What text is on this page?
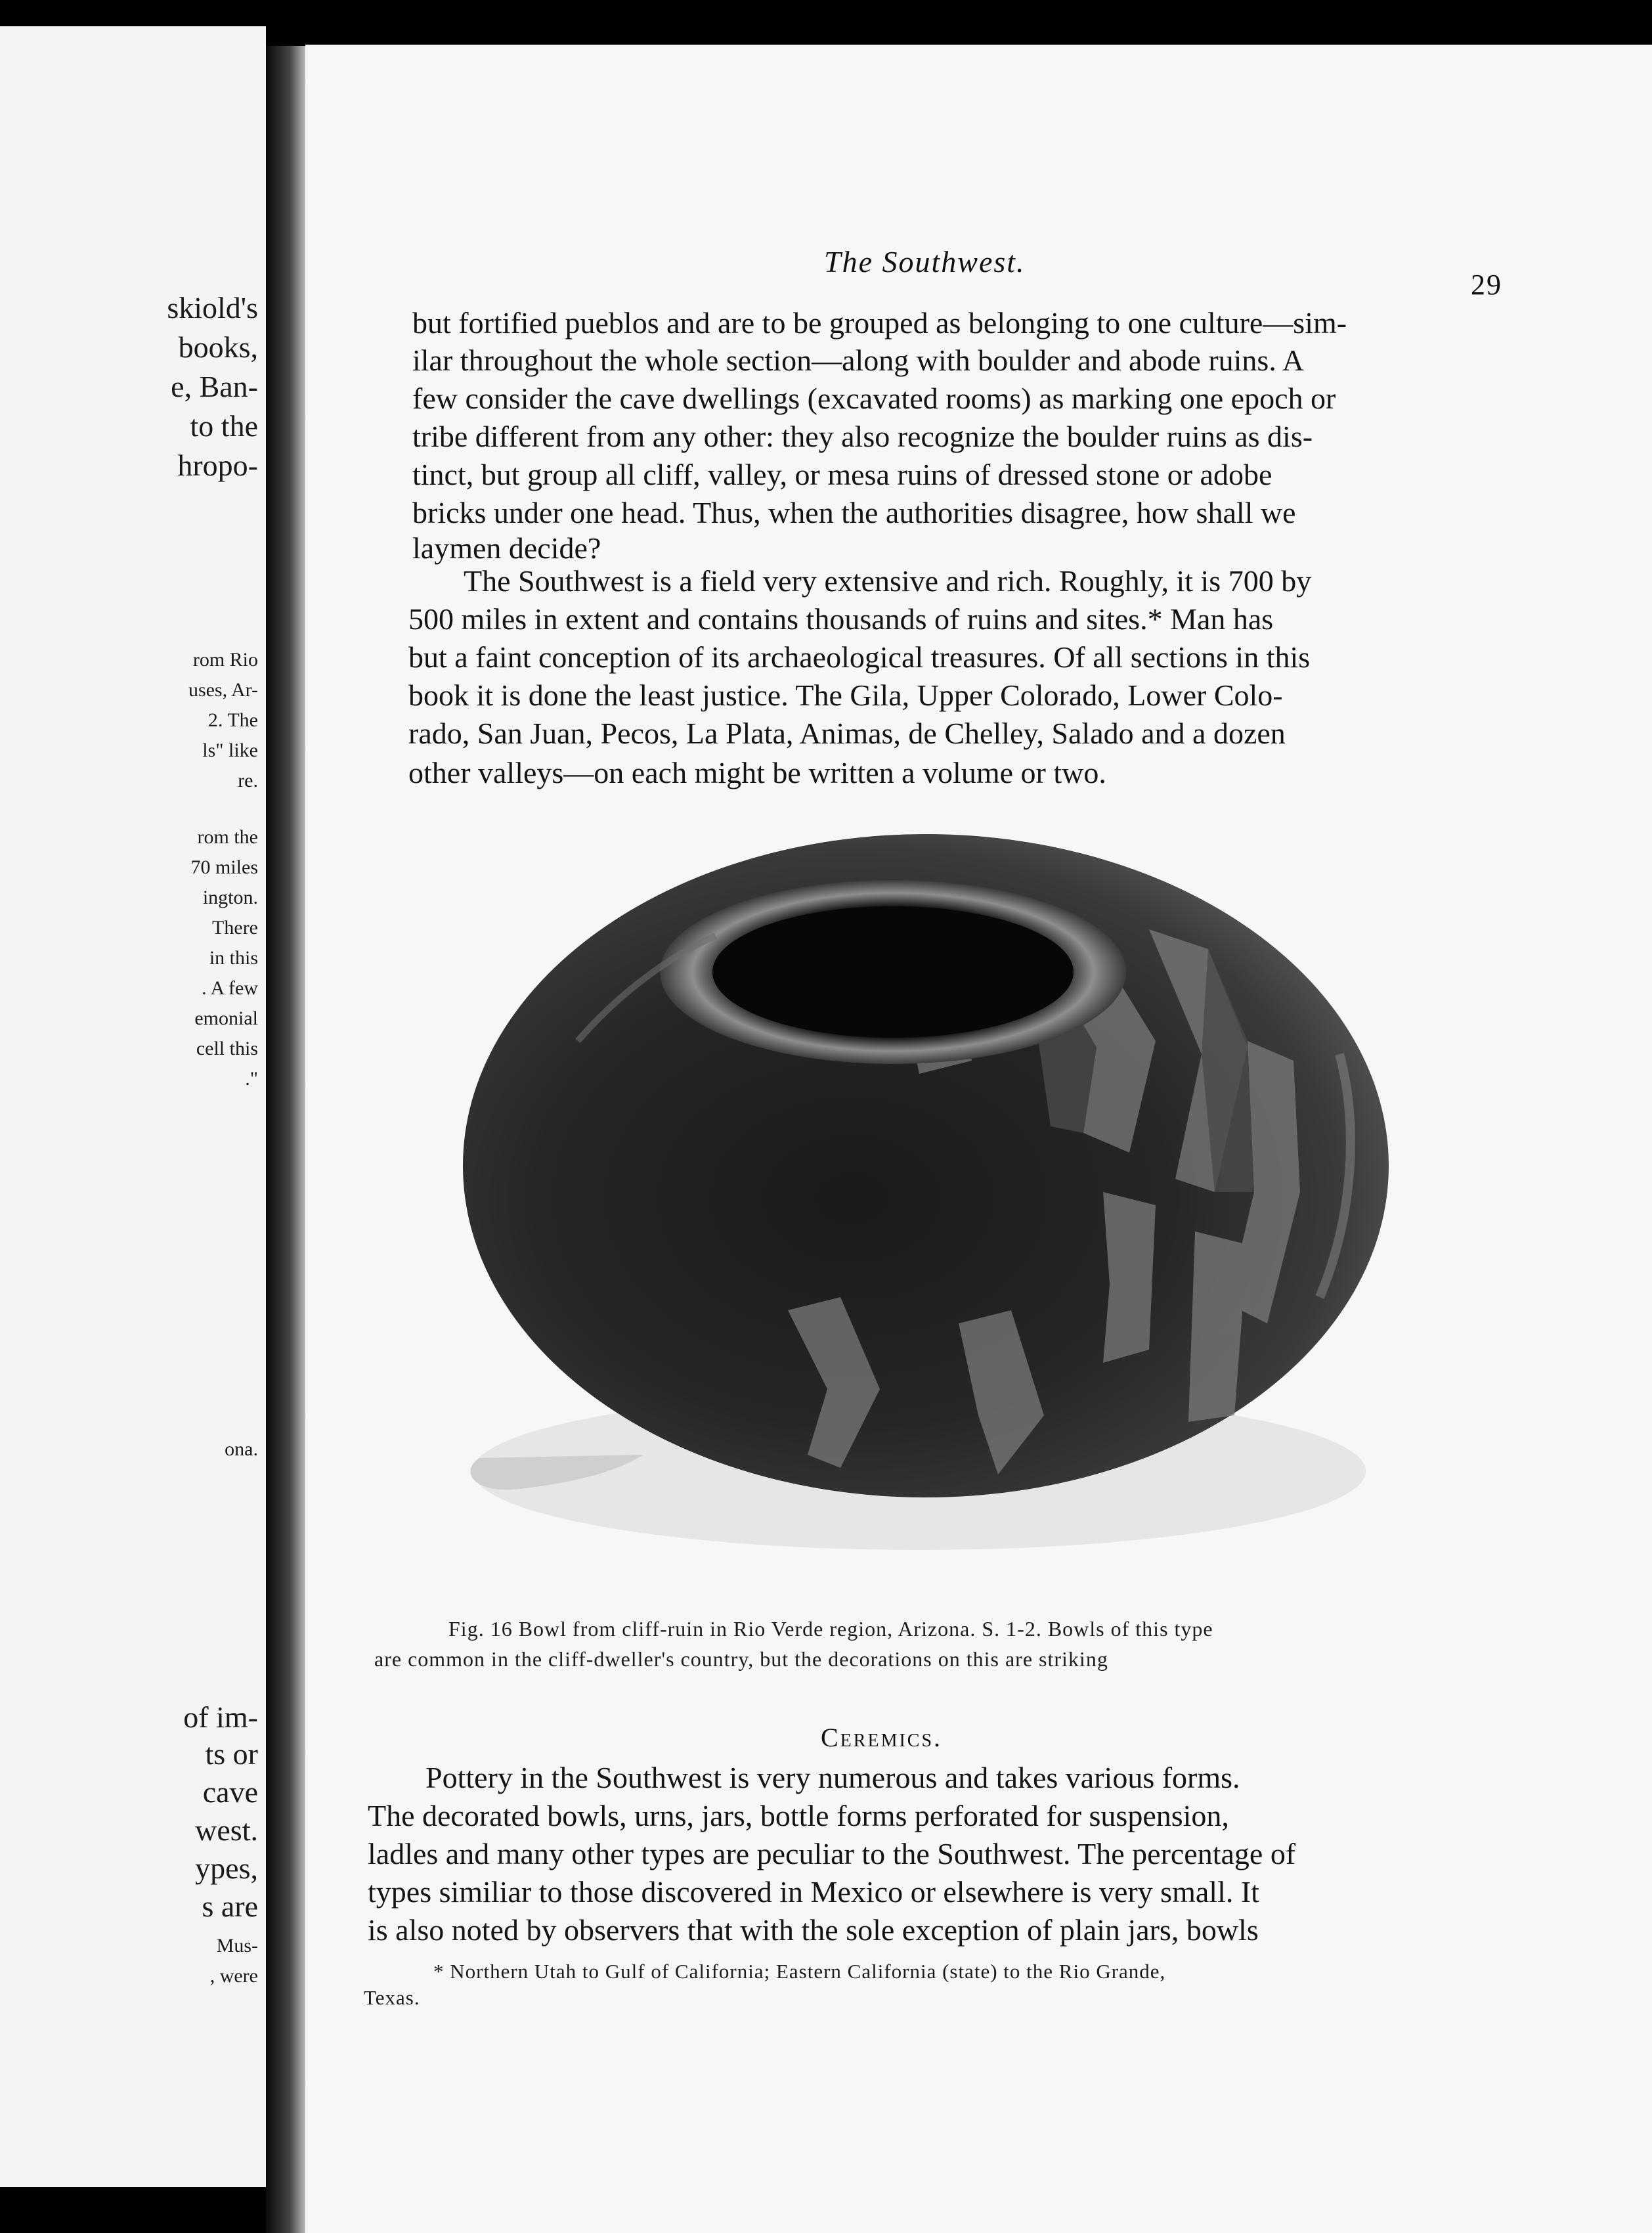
skiold's
books,
e, Ban-
to the
hropo-
rom Rio
uses, Ar-
2. The
ls" like
re.
rom the
70 miles
ington.
There
in this
. A few
emonial
cell this
."
ona.
of im-
ts or
cave
west.
ypes,
s are
Mus-
, were
The Southwest.
29
but fortified pueblos and are to be grouped as belonging to one culture—sim-
ilar throughout the whole section—along with boulder and abode ruins. A
few consider the cave dwellings (excavated rooms) as marking one epoch or
tribe different from any other: they also recognize the boulder ruins as dis-
tinct, but group all cliff, valley, or mesa ruins of dressed stone or adobe
bricks under one head. Thus, when the authorities disagree, how shall we
laymen decide?
The Southwest is a field very extensive and rich. Roughly, it is 700 by
500 miles in extent and contains thousands of ruins and sites.* Man has
but a faint conception of its archaeological treasures. Of all sections in this
book it is done the least justice. The Gila, Upper Colorado, Lower Colo-
rado, San Juan, Pecos, La Plata, Animas, de Chelley, Salado and a dozen
other valleys—on each might be written a volume or two.
Fig. 16 Bowl from cliff-ruin in Rio Verde region, Arizona. S. 1-2. Bowls of this type
are common in the cliff-dweller's country, but the decorations on this are striking
Ceremics.
Pottery in the Southwest is very numerous and takes various forms.
The decorated bowls, urns, jars, bottle forms perforated for suspension,
ladles and many other types are peculiar to the Southwest. The percentage of
types similiar to those discovered in Mexico or elsewhere is very small. It
is also noted by observers that with the sole exception of plain jars, bowls
* Northern Utah to Gulf of California; Eastern California (state) to the Rio Grande,
Texas.
